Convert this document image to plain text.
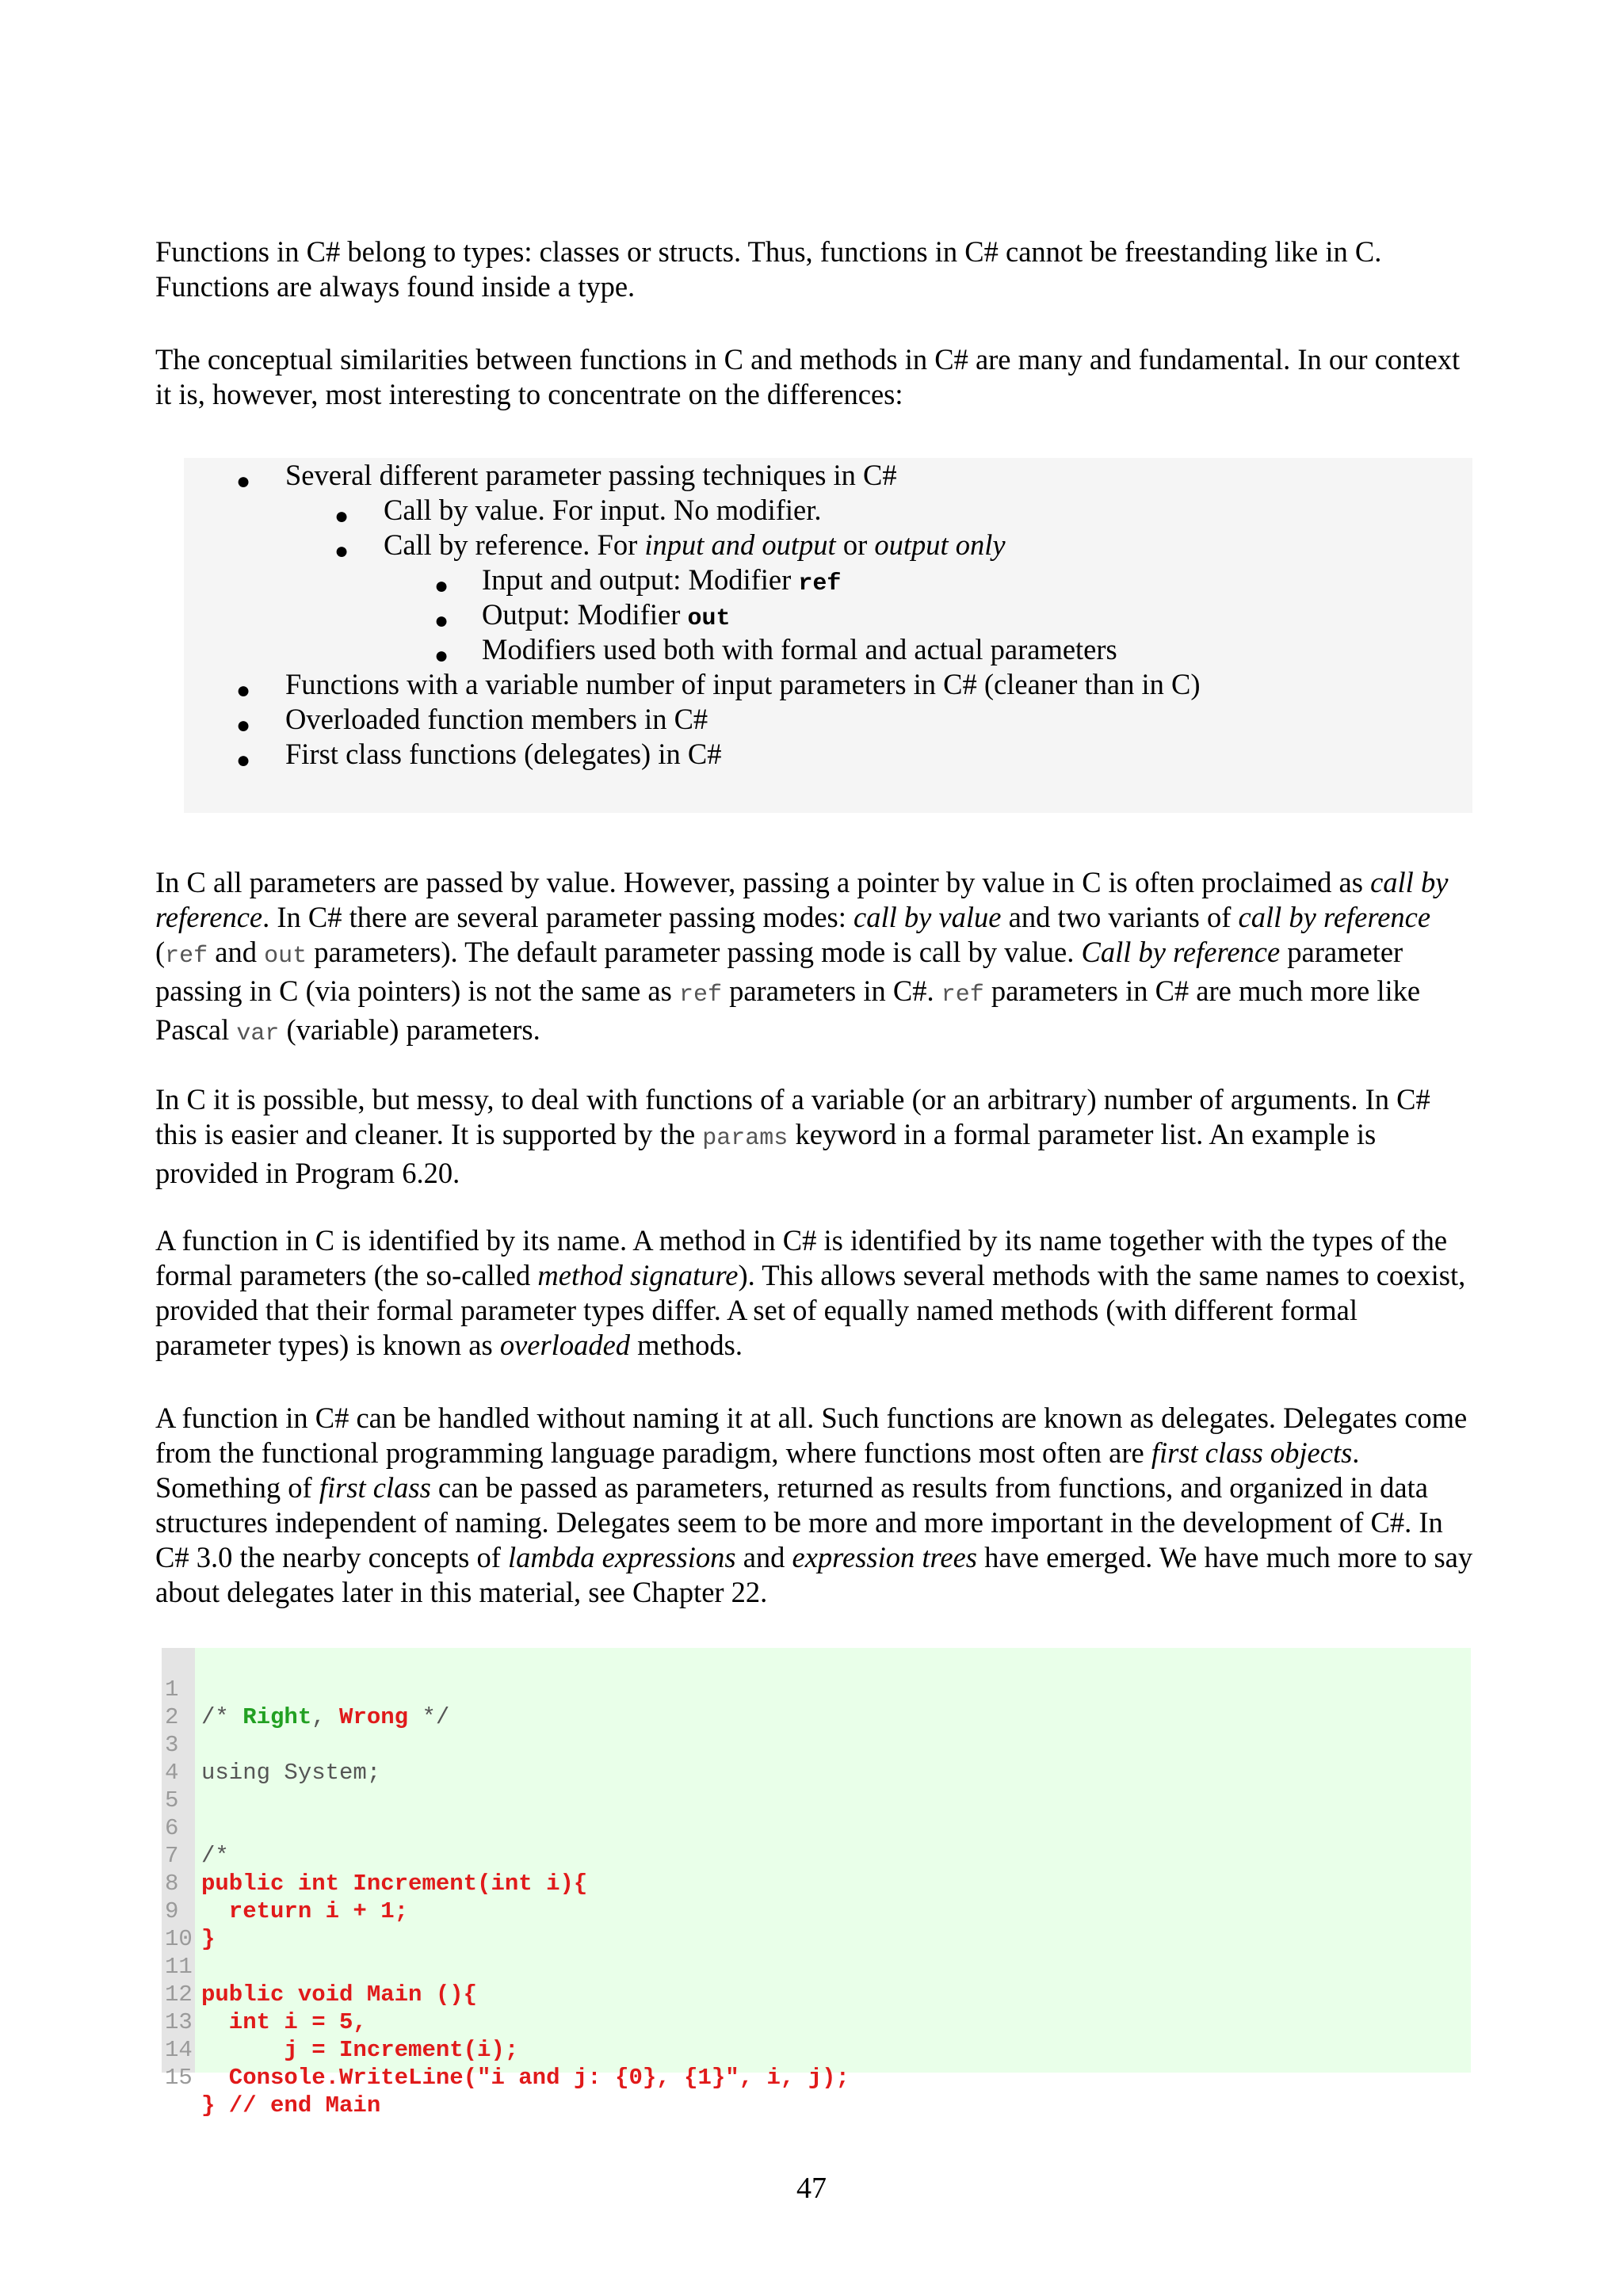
Functions in C# belong to types: classes or structs. Thus, functions in C# cannot be freestanding like in C. Functions are always found inside a type.

The conceptual similarities between functions in C and methods in C# are many and fundamental. In our context it is, however, most interesting to concentrate on the differences:

● Several different parameter passing techniques in C#
● Call by value. For input. No modifier.
● Call by reference. For input and output or output only
● Input and output: Modifier ref
● Output: Modifier out
● Modifiers used both with formal and actual parameters
● Functions with a variable number of input parameters in C# (cleaner than in C)
● Overloaded function members in C#
● First class functions (delegates) in C#

In C all parameters are passed by value. However, passing a pointer by value in C is often proclaimed as call by reference. In C# there are several parameter passing modes: call by value and two variants of call by reference (ref and out parameters). The default parameter passing mode is call by value. Call by reference parameter passing in C (via pointers) is not the same as ref parameters in C#. ref parameters in C# are much more like Pascal var (variable) parameters.

In C it is possible, but messy, to deal with functions of a variable (or an arbitrary) number of arguments. In C# this is easier and cleaner. It is supported by the params keyword in a formal parameter list. An example is provided in Program 6.20.

A function in C is identified by its name. A method in C# is identified by its name together with the types of the formal parameters (the so-called method signature). This allows several methods with the same names to coexist, provided that their formal parameter types differ. A set of equally named methods (with different formal parameter types) is known as overloaded methods.

A function in C# can be handled without naming it at all. Such functions are known as delegates. Delegates come from the functional programming language paradigm, where functions most often are first class objects. Something of first class can be passed as parameters, returned as results from functions, and organized in data structures independent of naming. Delegates seem to be more and more important in the development of C#. In C# 3.0 the nearby concepts of lambda expressions and expression trees have emerged. We have much more to say about delegates later in this material, see Chapter 22.

1

/* Right, Wrong */

2

3

using System;

4

5

6

/*

7

public int Increment(int i){

8

return i + 1;

9

}

10

11

public void Main (){

12

int i = 5,

13

j = Increment(i);

14

Console.WriteLine("i and j: {0}, {1}", i, j);

15

} // end Main

47
